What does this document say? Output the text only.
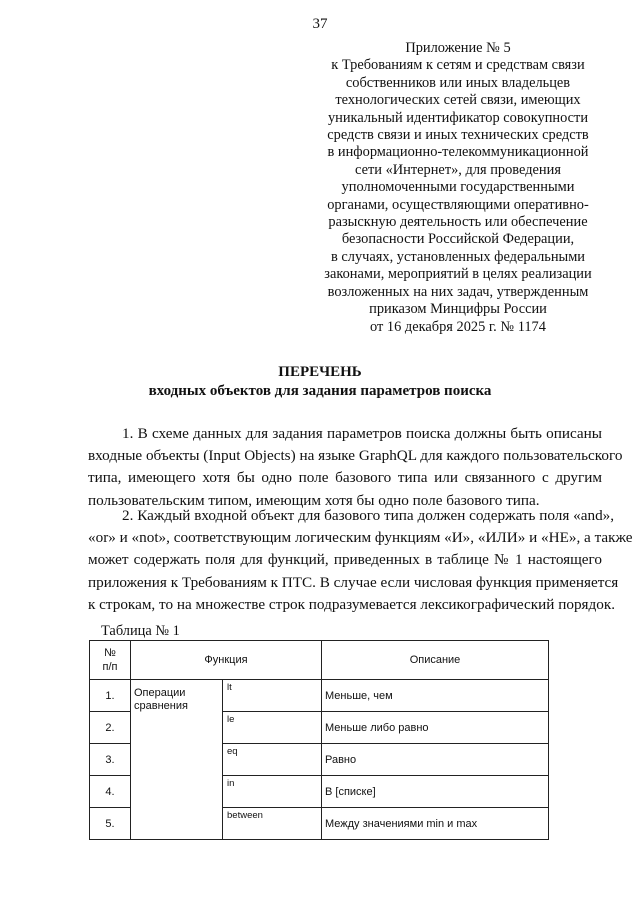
37
Приложение № 5
к Требованиям к сетям и средствам связи
собственников или иных владельцев
технологических сетей связи, имеющих
уникальный идентификатор совокупности
средств связи и иных технических средств
в информационно-телекоммуникационной
сети «Интернет», для проведения
уполномоченными государственными
органами, осуществляющими оперативно-
разыскную деятельность или обеспечение
безопасности Российской Федерации,
в случаях, установленных федеральными
законами, мероприятий в целях реализации
возложенных на них задач, утвержденным
приказом Минцифры России
от 16 декабря 2025 г. № 1174
ПЕРЕЧЕНЬ
входных объектов для задания параметров поиска
1. В схеме данных для задания параметров поиска должны быть описаны
входные объекты (Input Objects) на языке GraphQL для каждого пользовательского
типа, имеющего хотя бы одно поле базового типа или связанного с другим
пользовательским типом, имеющим хотя бы одно поле базового типа.
2. Каждый входной объект для базового типа должен содержать поля «and»,
«or» и «not», соответствующим логическим функциям «И», «ИЛИ» и «НЕ», а также
может содержать поля для функций, приведенных в таблице № 1 настоящего
приложения к Требованиям к ПТС. В случае если числовая функция применяется
к строкам, то на множестве строк подразумевается лексикографический порядок.
Таблица № 1
№
п/п	Функция		Описание
1.	Операции сравнения	lt	Меньше, чем
2.		le	Меньше либо равно
3.		eq	Равно
4.		in	В [списке]
5.		between	Между значениями min и max
